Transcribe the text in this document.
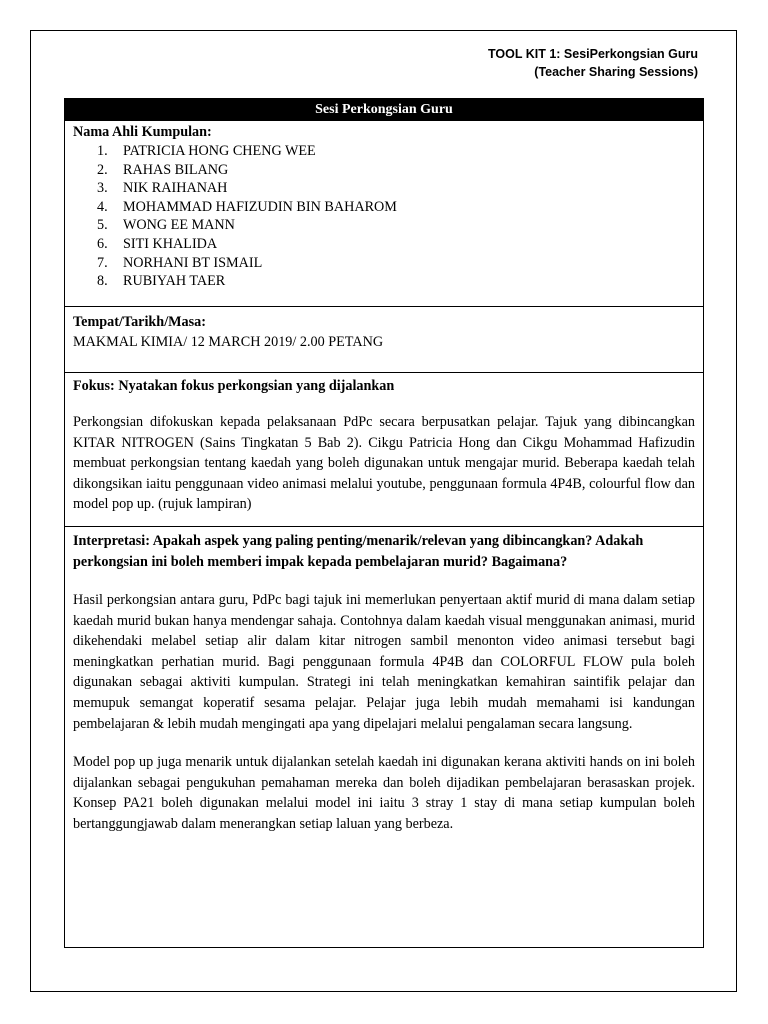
TOOL KIT 1: SesiPerkongsian Guru
(Teacher Sharing Sessions)
Sesi Perkongsian Guru
Nama Ahli Kumpulan:
1. PATRICIA HONG CHENG WEE
2. RAHAS BILANG
3. NIK RAIHANAH
4. MOHAMMAD HAFIZUDIN BIN BAHAROM
5. WONG EE MANN
6. SITI KHALIDA
7. NORHANI BT ISMAIL
8. RUBIYAH TAER
Tempat/Tarikh/Masa:
MAKMAL KIMIA/ 12 MARCH 2019/ 2.00 PETANG
Fokus: Nyatakan fokus perkongsian yang dijalankan

Perkongsian difokuskan kepada pelaksanaan PdPc secara berpusatkan pelajar. Tajuk yang dibincangkan KITAR NITROGEN (Sains Tingkatan 5 Bab 2). Cikgu Patricia Hong dan Cikgu Mohammad Hafizudin membuat perkongsian tentang kaedah yang boleh digunakan untuk mengajar murid. Beberapa kaedah telah dikongsikan iaitu penggunaan video animasi melalui youtube, penggunaan formula 4P4B, colourful flow dan model pop up. (rujuk lampiran)

Interpretasi: Apakah aspek yang paling penting/menarik/relevan yang dibincangkan? Adakah perkongsian ini boleh memberi impak kepada pembelajaran murid? Bagaimana?

Hasil perkongsian antara guru, PdPc bagi tajuk ini memerlukan penyertaan aktif murid di mana dalam setiap kaedah murid bukan hanya mendengar sahaja. Contohnya dalam kaedah visual menggunakan animasi, murid dikehendaki melabel setiap alir dalam kitar nitrogen sambil menonton video animasi tersebut bagi meningkatkan perhatian murid. Bagi penggunaan formula 4P4B dan COLORFUL FLOW pula boleh digunakan sebagai aktiviti kumpulan. Strategi ini telah meningkatkan kemahiran saintifik pelajar dan memupuk semangat koperatif sesama pelajar. Pelajar juga lebih mudah memahami isi kandungan pembelajaran & lebih mudah mengingati apa yang dipelajari melalui pengalaman secara langsung.

Model pop up juga menarik untuk dijalankan setelah kaedah ini digunakan kerana aktiviti hands on ini boleh dijalankan sebagai pengukuhan pemahaman mereka dan boleh dijadikan pembelajaran berasaskan projek. Konsep PA21 boleh digunakan melalui model ini iaitu 3 stray 1 stay di mana setiap kumpulan boleh bertanggungjawab dalam menerangkan setiap laluan yang berbeza.
